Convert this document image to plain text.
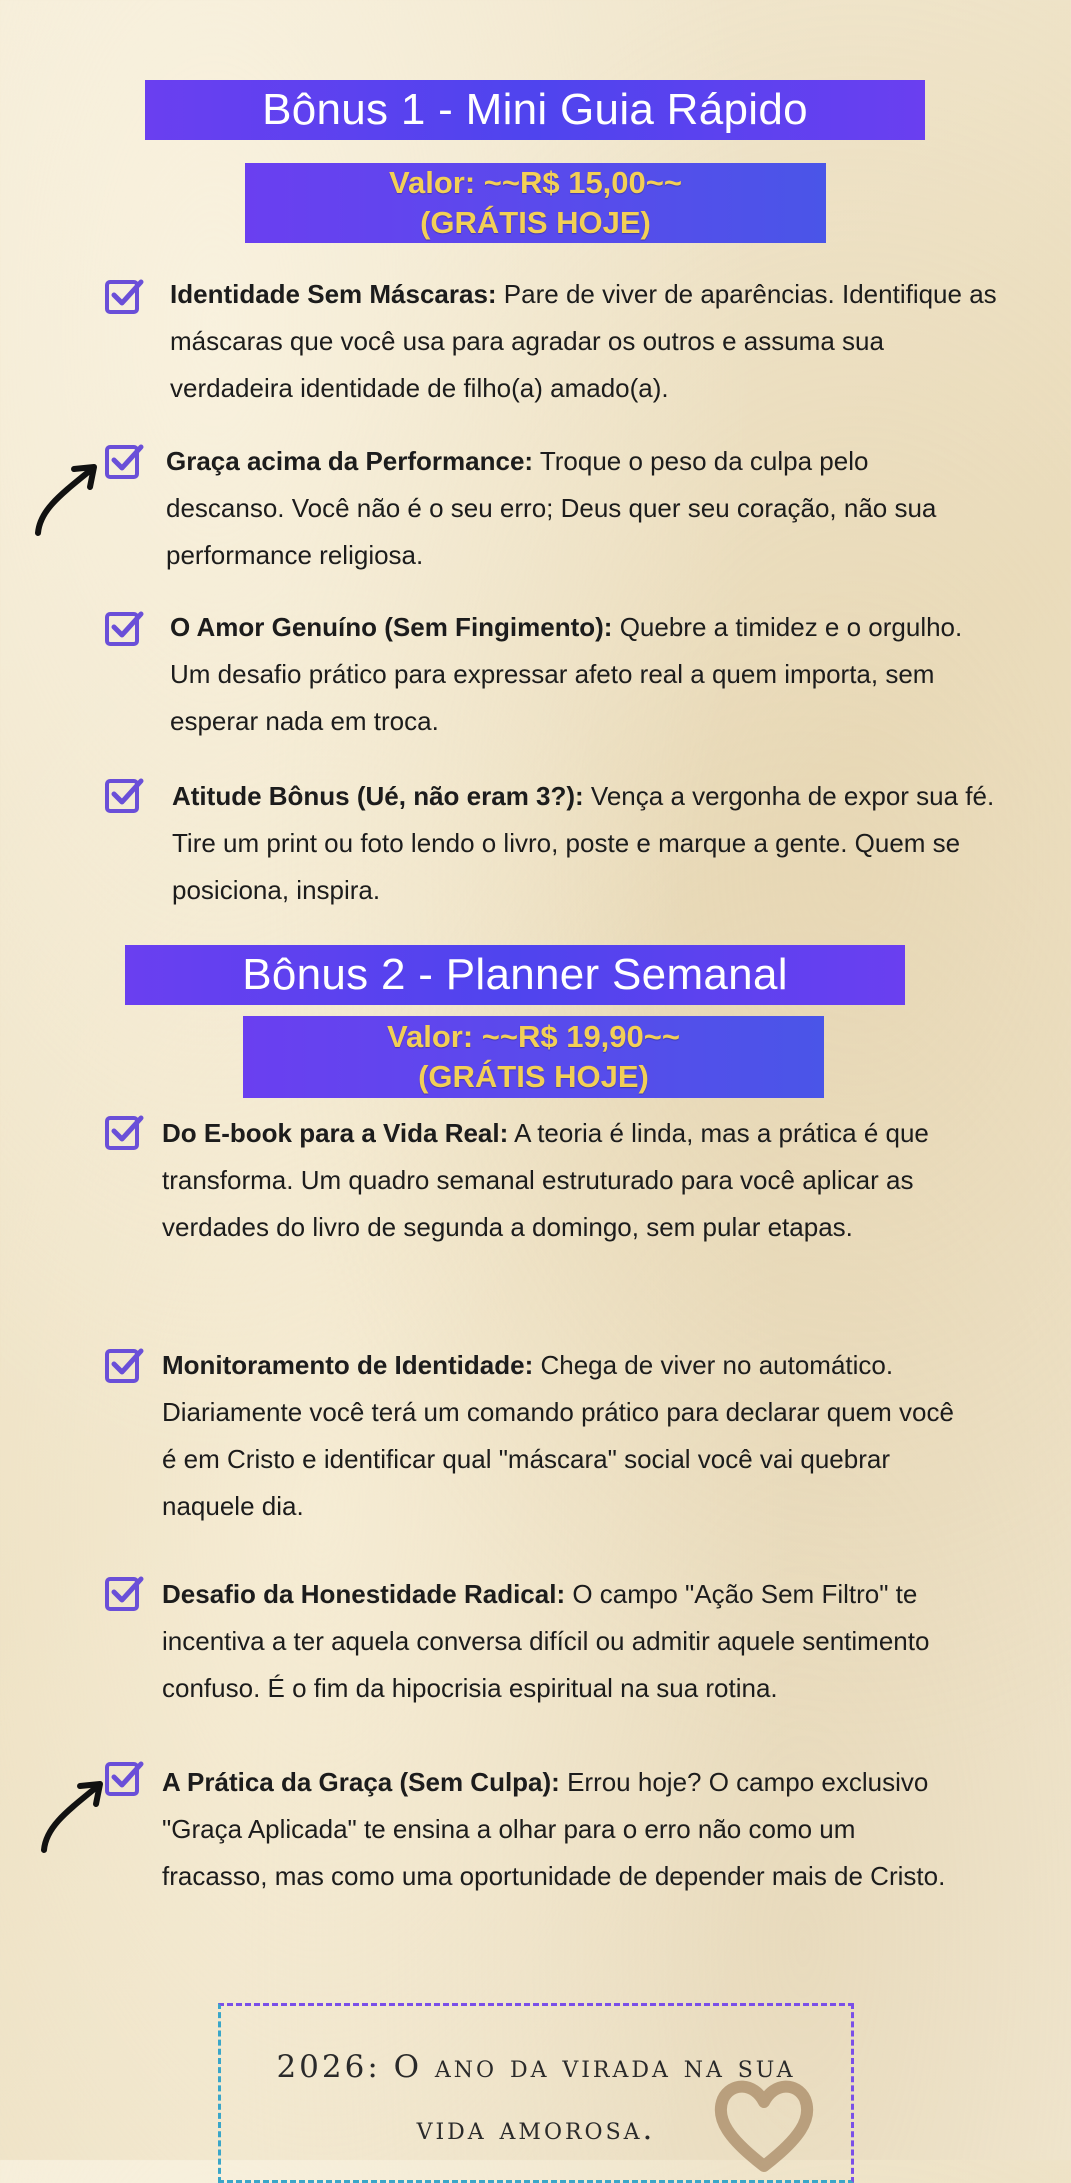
Bônus 1 - Mini Guia Rápido
Valor: ~~R$ 15,00~~
(GRÁTIS HOJE)
Identidade Sem Máscaras: Pare de viver de aparências. Identifique as máscaras que você usa para agradar os outros e assuma sua verdadeira identidade de filho(a) amado(a).
Graça acima da Performance: Troque o peso da culpa pelo descanso. Você não é o seu erro; Deus quer seu coração, não sua performance religiosa.
O Amor Genuíno (Sem Fingimento): Quebre a timidez e o orgulho. Um desafio prático para expressar afeto real a quem importa, sem esperar nada em troca.
Atitude Bônus (Ué, não eram 3?): Vença a vergonha de expor sua fé. Tire um print ou foto lendo o livro, poste e marque a gente. Quem se posiciona, inspira.
Bônus 2 - Planner Semanal
Valor: ~~R$ 19,90~~
(GRÁTIS HOJE)
Do E-book para a Vida Real: A teoria é linda, mas a prática é que transforma. Um quadro semanal estruturado para você aplicar as verdades do livro de segunda a domingo, sem pular etapas.
Monitoramento de Identidade: Chega de viver no automático. Diariamente você terá um comando prático para declarar quem você é em Cristo e identificar qual "máscara" social você vai quebrar naquele dia.
Desafio da Honestidade Radical: O campo "Ação Sem Filtro" te incentiva a ter aquela conversa difícil ou admitir aquele sentimento confuso. É o fim da hipocrisia espiritual na sua rotina.
A Prática da Graça (Sem Culpa): Errou hoje? O campo exclusivo "Graça Aplicada" te ensina a olhar para o erro não como um fracasso, mas como uma oportunidade de depender mais de Cristo.
2026: O ano da virada na sua
vida amorosa.
